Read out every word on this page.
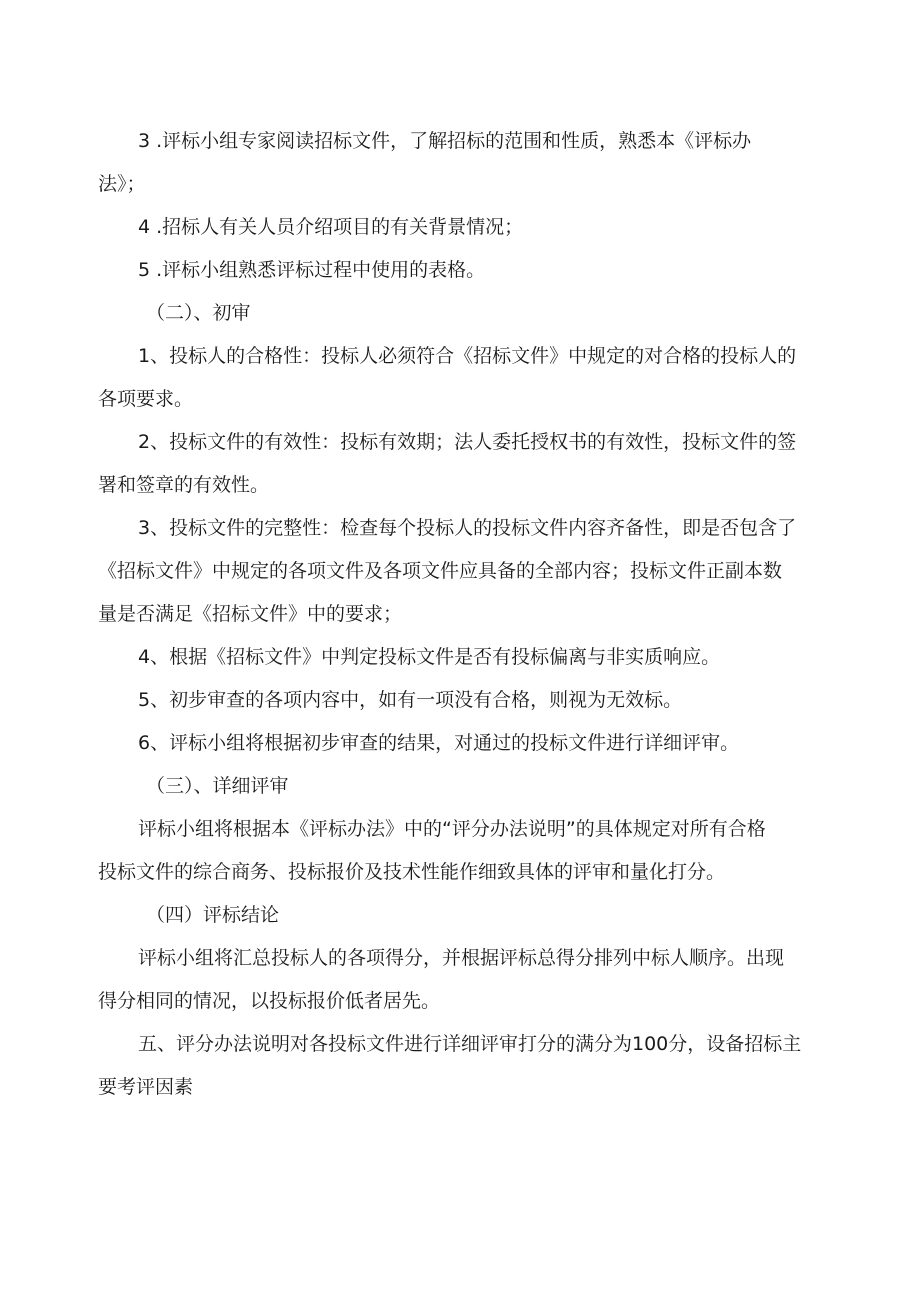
3 .评标小组专家阅读招标文件，了解招标的范围和性质，熟悉本《评标办
法》；
4 .招标人有关人员介绍项目的有关背景情况；
5 .评标小组熟悉评标过程中使用的表格。
（二）、初审
1、投标人的合格性：投标人必须符合《招标文件》中规定的对合格的投标人的
各项要求。
2、投标文件的有效性：投标有效期；法人委托授权书的有效性，投标文件的签
署和签章的有效性。
3、投标文件的完整性：检查每个投标人的投标文件内容齐备性，即是否包含了
《招标文件》中规定的各项文件及各项文件应具备的全部内容；投标文件正副本数
量是否满足《招标文件》中的要求；
4、根据《招标文件》中判定投标文件是否有投标偏离与非实质响应。
5、初步审查的各项内容中，如有一项没有合格，则视为无效标。
6、评标小组将根据初步审查的结果，对通过的投标文件进行详细评审。
（三）、详细评审
评标小组将根据本《评标办法》中的“评分办法说明”的具体规定对所有合格
投标文件的综合商务、投标报价及技术性能作细致具体的评审和量化打分。
（四）评标结论
评标小组将汇总投标人的各项得分，并根据评标总得分排列中标人顺序。出现
得分相同的情况，以投标报价低者居先。
五、评分办法说明对各投标文件进行详细评审打分的满分为100分，设备招标主
要考评因素
